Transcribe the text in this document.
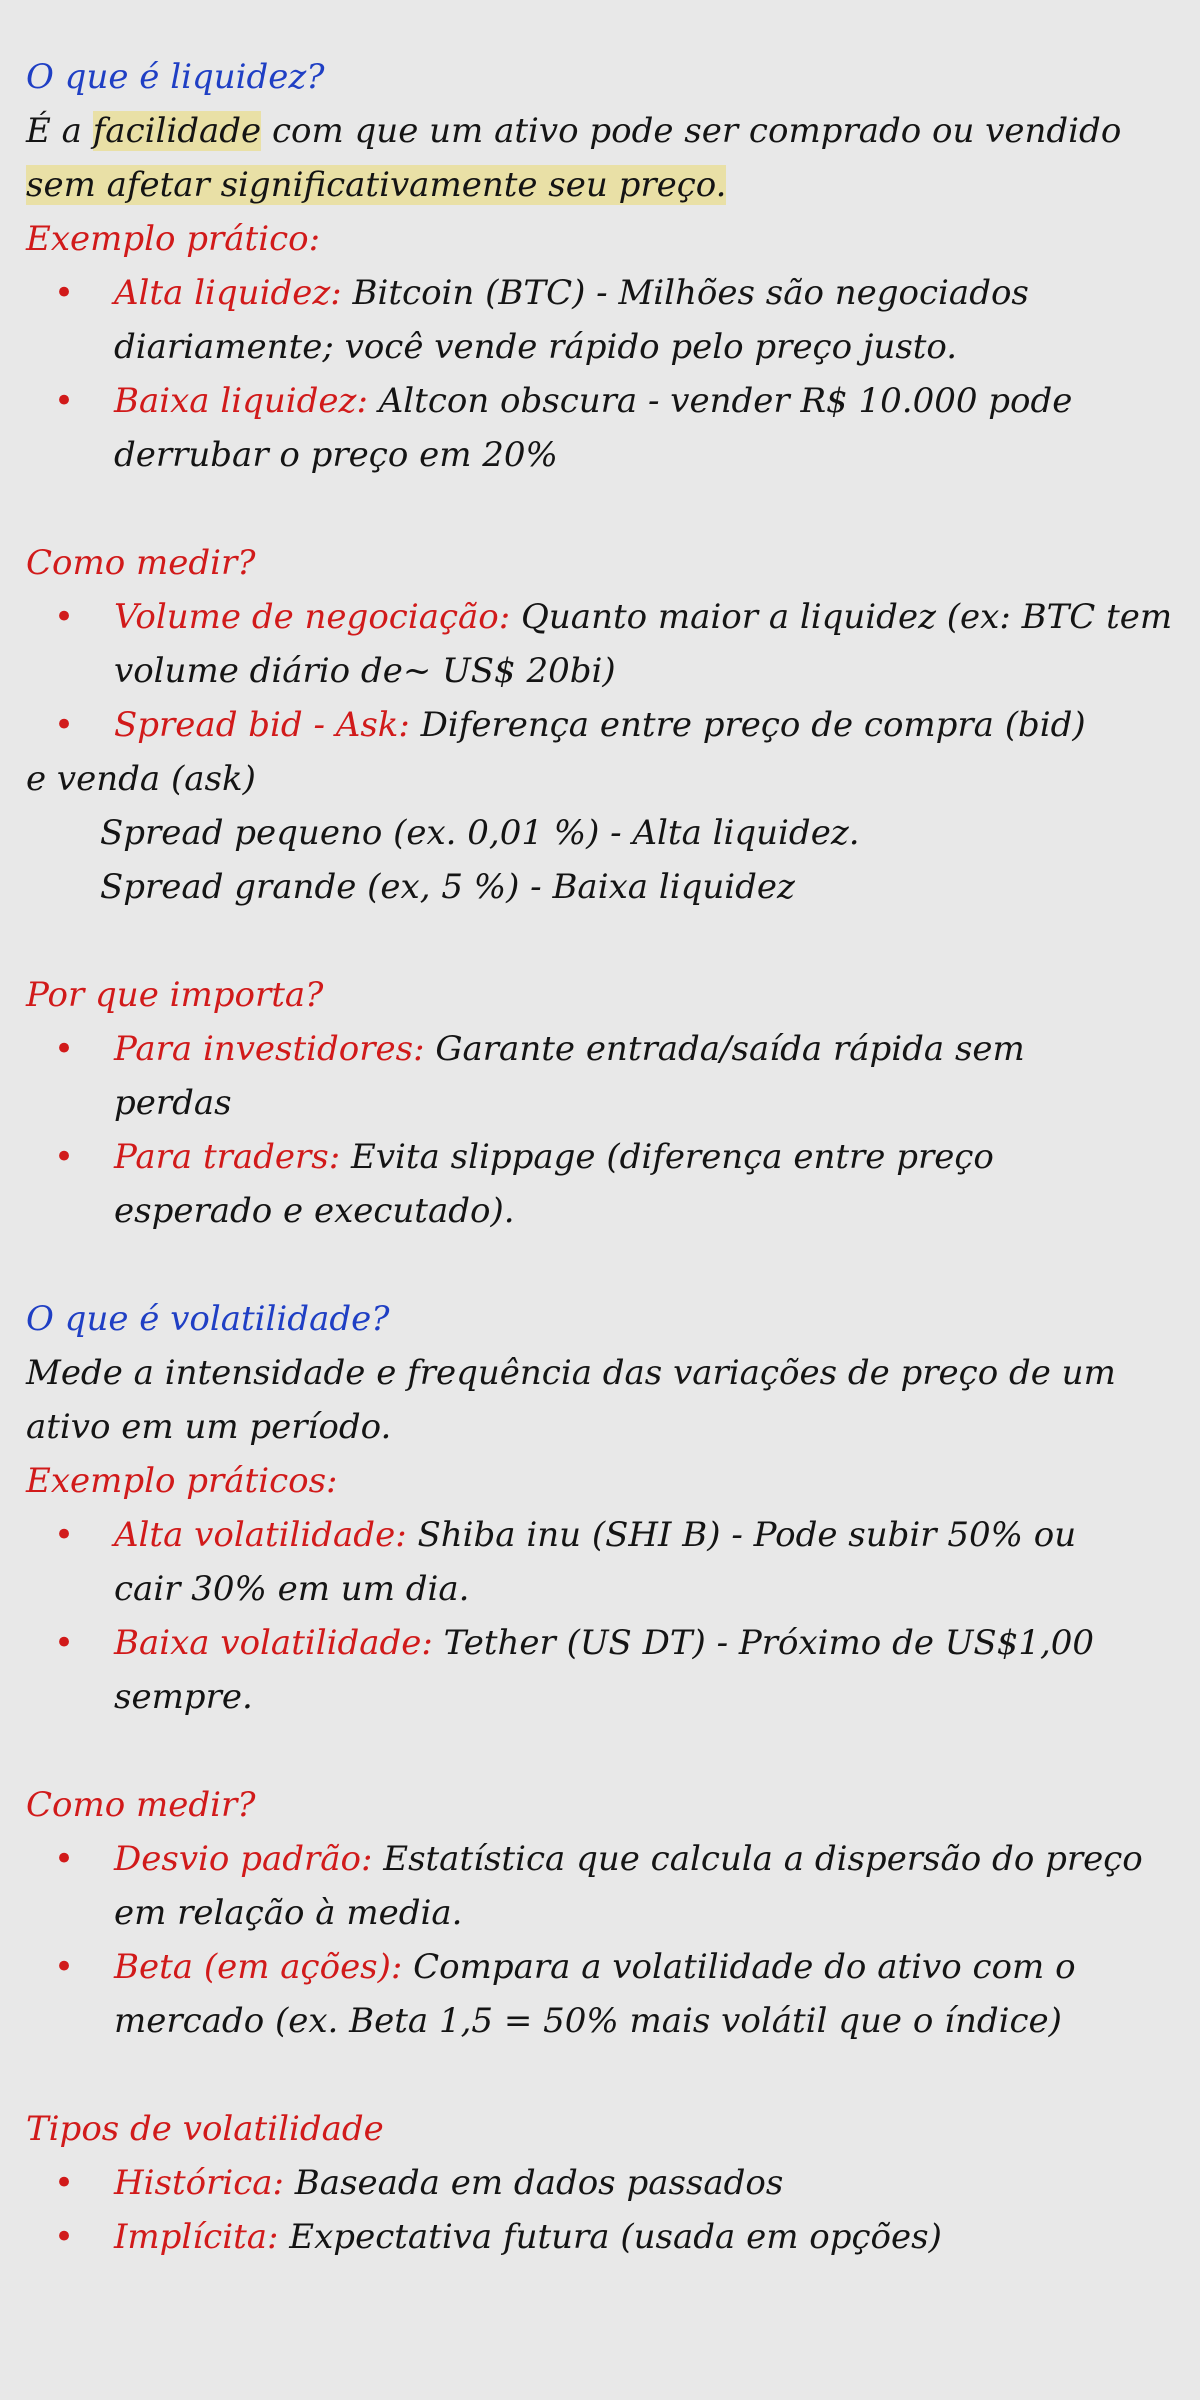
O que é liquidez?
É a facilidade com que um ativo pode ser comprado ou vendido
sem afetar significativamente seu preço.
Exemplo prático:
• Alta liquidez: Bitcoin (BTC) - Milhões são negociados
diariamente; você vende rápido pelo preço justo.
• Baixa liquidez: Altcon obscura - vender R$ 10.000 pode
derrubar o preço em 20%
Como medir?
• Volume de negociação: Quanto maior a liquidez (ex: BTC tem
volume diário de~ US$ 20bi)
• Spread bid - Ask: Diferença entre preço de compra (bid)
e venda (ask)
Spread pequeno (ex. 0,01 %) - Alta liquidez.
Spread grande (ex, 5 %) - Baixa liquidez
Por que importa?
• Para investidores: Garante entrada/saída rápida sem
perdas
• Para traders: Evita slippage (diferença entre preço
esperado e executado).
O que é volatilidade?
Mede a intensidade e frequência das variações de preço de um
ativo em um período.
Exemplo práticos:
• Alta volatilidade: Shiba inu (SHI B) - Pode subir 50% ou
cair 30% em um dia.
• Baixa volatilidade: Tether (US DT) - Próximo de US$1,00
sempre.
Como medir?
• Desvio padrão: Estatística que calcula a dispersão do preço
em relação à media.
• Beta (em ações): Compara a volatilidade do ativo com o
mercado (ex. Beta 1,5 = 50% mais volátil que o índice)
Tipos de volatilidade
• Histórica: Baseada em dados passados
• Implícita: Expectativa futura (usada em opções)
